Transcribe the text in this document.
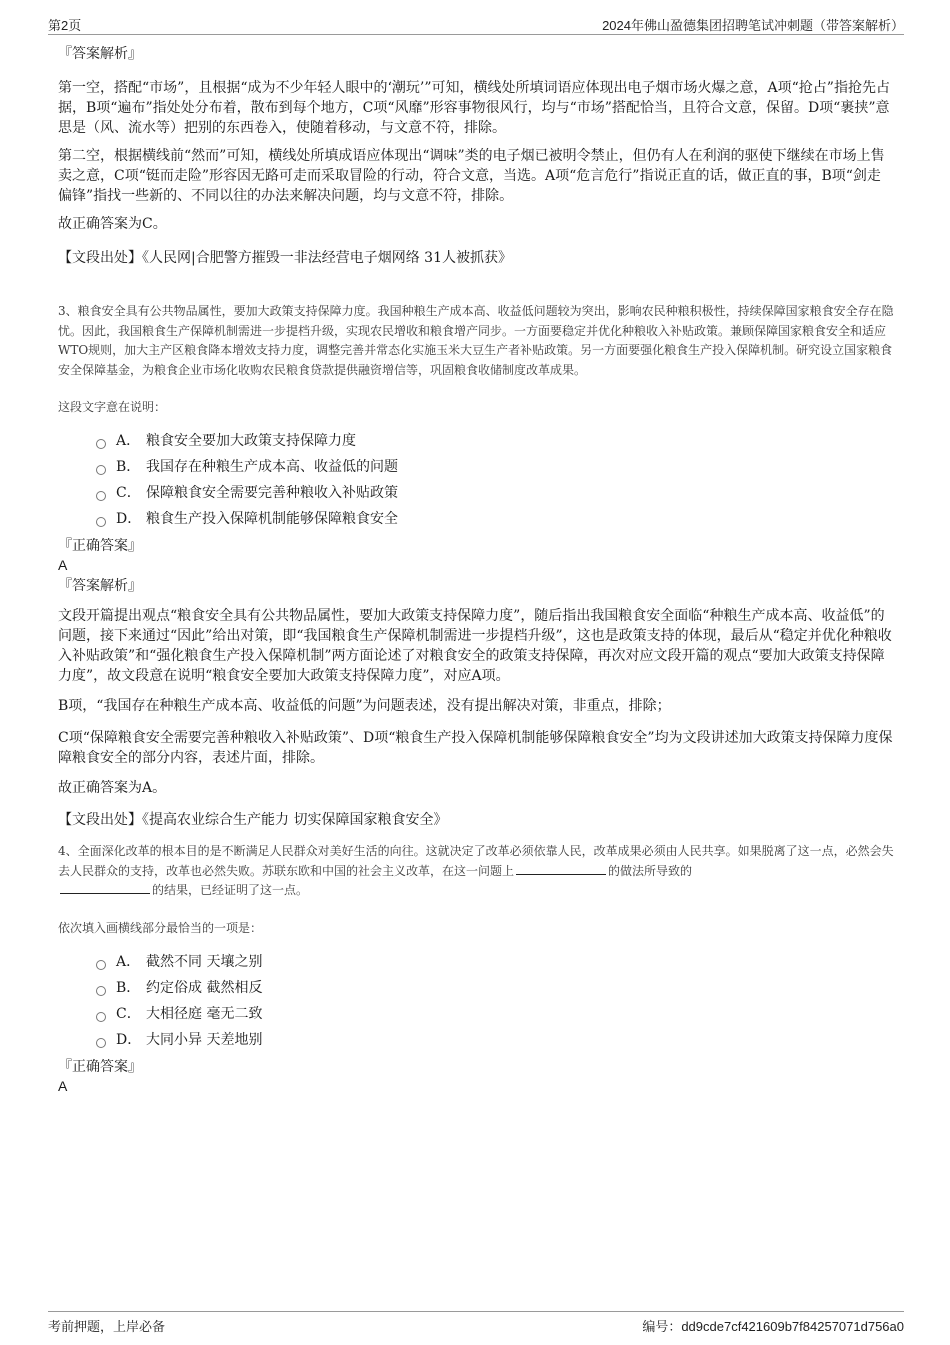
第2页	2024年佛山盈德集团招聘笔试冲刺题（带答案解析）

『答案解析』

第一空，搭配“市场”，且根据“成为不少年轻人眼中的‘潮玩’”可知，横线处所填词语应体现出电子烟市场火爆之意，A项“抢占”指抢先占据，B项“遍布”指处处分布着，散布到每个地方，C项“风靡”形容事物很风行，均与“市场”搭配恰当，且符合文意，保留。D项“裹挟”意思是（风、流水等）把别的东西卷入，使随着移动，与文意不符，排除。

第二空，根据横线前“然而”可知，横线处所填成语应体现出“调味”类的电子烟已被明令禁止，但仍有人在利润的驱使下继续在市场上售卖之意，C项“铤而走险”形容因无路可走而采取冒险的行动，符合文意，当选。A项“危言危行”指说正直的话，做正直的事，B项“剑走偏锋”指找一些新的、不同以往的办法来解决问题，均与文意不符，排除。

故正确答案为C。

【文段出处】《人民网|合肥警方摧毁一非法经营电子烟网络 31人被抓获》

3、粮食安全具有公共物品属性，要加大政策支持保障力度。我国种粮生产成本高、收益低问题较为突出，影响农民种粮积极性，持续保障国家粮食安全存在隐忧。因此，我国粮食生产保障机制需进一步提档升级，实现农民增收和粮食增产同步。一方面要稳定并优化种粮收入补贴政策。兼顾保障国家粮食安全和适应WTO规则，加大主产区粮食降本增效支持力度，调整完善并常态化实施玉米大豆生产者补贴政策。另一方面要强化粮食生产投入保障机制。研究设立国家粮食安全保障基金，为粮食企业市场化收购农民粮食贷款提供融资增信等，巩固粮食收储制度改革成果。

这段文字意在说明：

A． 粮食安全要加大政策支持保障力度
B． 我国存在种粮生产成本高、收益低的问题
C． 保障粮食安全需要完善种粮收入补贴政策
D． 粮食生产投入保障机制能够保障粮食安全

『正确答案』

A

『答案解析』

文段开篇提出观点“粮食安全具有公共物品属性，要加大政策支持保障力度”，随后指出我国粮食安全面临“种粮生产成本高、收益低”的问题，接下来通过“因此”给出对策，即“我国粮食生产保障机制需进一步提档升级”，这也是政策支持的体现，最后从“稳定并优化种粮收入补贴政策”和“强化粮食生产投入保障机制”两方面论述了对粮食安全的政策支持保障，再次对应文段开篇的观点“要加大政策支持保障力度”，故文段意在说明“粮食安全要加大政策支持保障力度”，对应A项。

B项，“我国存在种粮生产成本高、收益低的问题”为问题表述，没有提出解决对策，非重点，排除；

C项“保障粮食安全需要完善种粮收入补贴政策”、D项“粮食生产投入保障机制能够保障粮食安全”均为文段讲述加大政策支持保障力度保障粮食安全的部分内容，表述片面，排除。

故正确答案为A。

【文段出处】《提高农业综合生产能力 切实保障国家粮食安全》

4、全面深化改革的根本目的是不断满足人民群众对美好生活的向往。这就决定了改革必须依靠人民，改革成果必须由人民共享。如果脱离了这一点，必然会失去人民群众的支持，改革也必然失败。苏联东欧和中国的社会主义改革，在这一问题上	的做法所导致的
的结果，已经证明了这一点。

依次填入画横线部分最恰当的一项是：

A． 截然不同 天壤之别
B． 约定俗成 截然相反
C． 大相径庭 毫无二致
D． 大同小异 天差地别

『正确答案』

A

考前押题，上岸必备	编号：dd9cde7cf421609b7f84257071d756a0
